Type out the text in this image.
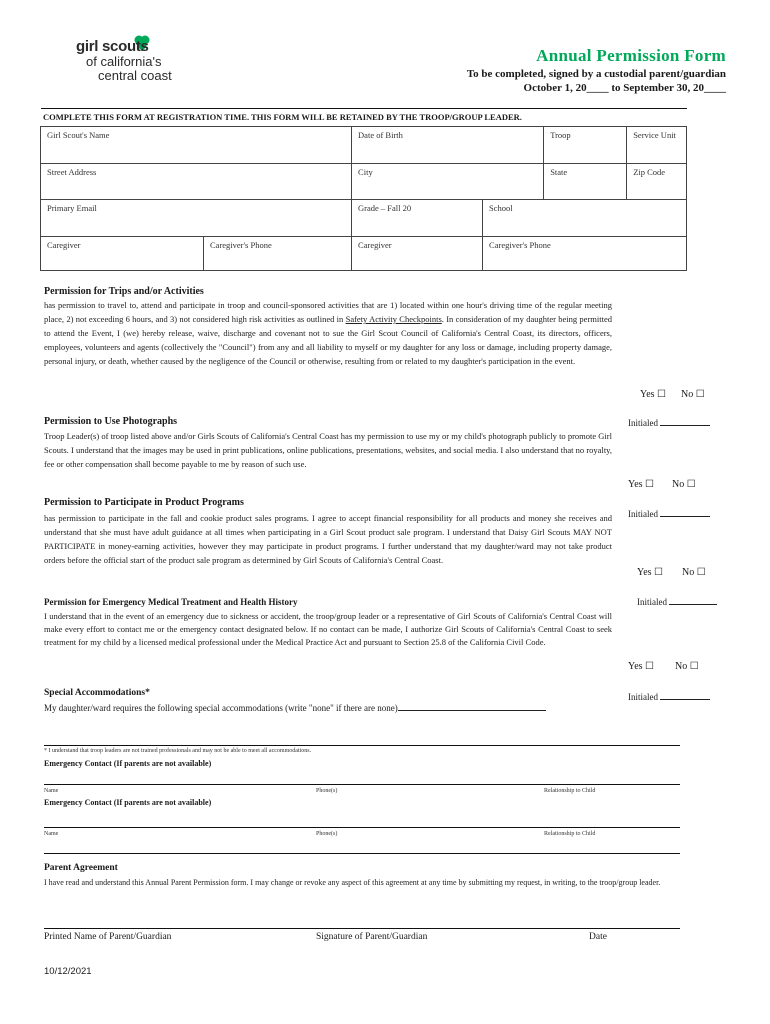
girl scouts
of california's
central coast
Annual Permission Form
To be completed, signed by a custodial parent/guardian
October 1, 20____ to September 30, 20____
COMPLETE THIS FORM AT REGISTRATION TIME. THIS FORM WILL BE RETAINED BY THE TROOP/GROUP LEADER.
Girl Scout's Name		Date of Birth		Troop	Service Unit
Street Address		City		State	Zip Code
Primary Email		Grade – Fall 20	School		
Caregiver	Caregiver's Phone	Caregiver	Caregiver's Phone		
Permission for Trips and/or Activities
has permission to travel to, attend and participate in troop and council-sponsored activities that are 1) located within one hour's driving time of the regular meeting place, 2) not exceeding 6 hours, and 3) not considered high risk activities as outlined in Safety Activity Checkpoints. In consideration of my daughter being permitted to attend the Event, I (we) hereby release, waive, discharge and covenant not to sue the Girl Scout Council of California's Central Coast, its directors, officers, employees, volunteers and agents (collectively the "Council") from any and all liability to myself or my daughter for any loss or damage, including property damage, personal injury, or death, whether caused by the negligence of the Council or otherwise, resulting from or related to my daughter's participation in the event.
Yes ☐ No ☐
Initialed
Permission to Use Photographs
Troop Leader(s) of troop listed above and/or Girls Scouts of California's Central Coast has my permission to use my or my child's photograph publicly to promote Girl Scouts. I understand that the images may be used in print publications, online publications, presentations, websites, and social media. I also understand that no royalty, fee or other compensation shall become payable to me by reason of such use.
Yes ☐ No ☐
Initialed
Permission to Participate in Product Programs
has permission to participate in the fall and cookie product sales programs. I agree to accept financial responsibility for all products and money she receives and understand that she must have adult guidance at all times when participating in a Girl Scout product sale program. I understand that Daisy Girl Scouts MAY NOT PARTICIPATE in money-earning activities, however they may participate in product programs. I further understand that my daughter/ward may not take product orders before the official start of the product sale program as determined by Girl Scouts of California's Central Coast.
Yes ☐ No ☐
Initialed
Permission for Emergency Medical Treatment and Health History
I understand that in the event of an emergency due to sickness or accident, the troop/group leader or a representative of Girl Scouts of California's Central Coast will make every effort to contact me or the emergency contact designated below. If no contact can be made, I authorize Girl Scouts of California's Central Coast to seek treatment for my child by a licensed medical professional under the Medical Practice Act and pursuant to Section 25.8 of the California Civil Code.
Yes ☐ No ☐
Initialed
Special Accommodations*
My daughter/ward requires the following special accommodations (write "none" if there are none)
* I understand that troop leaders are not trained professionals and may not be able to meet all accommodations.
Emergency Contact (If parents are not available)
Name	Phone(s)	Relationship to Child
Emergency Contact (If parents are not available)
Name	Phone(s)	Relationship to Child
Parent Agreement
I have read and understand this Annual Parent Permission form. I may change or revoke any aspect of this agreement at any time by submitting my request, in writing, to the troop/group leader.
Printed Name of Parent/Guardian	Signature of Parent/Guardian	Date
10/12/2021
